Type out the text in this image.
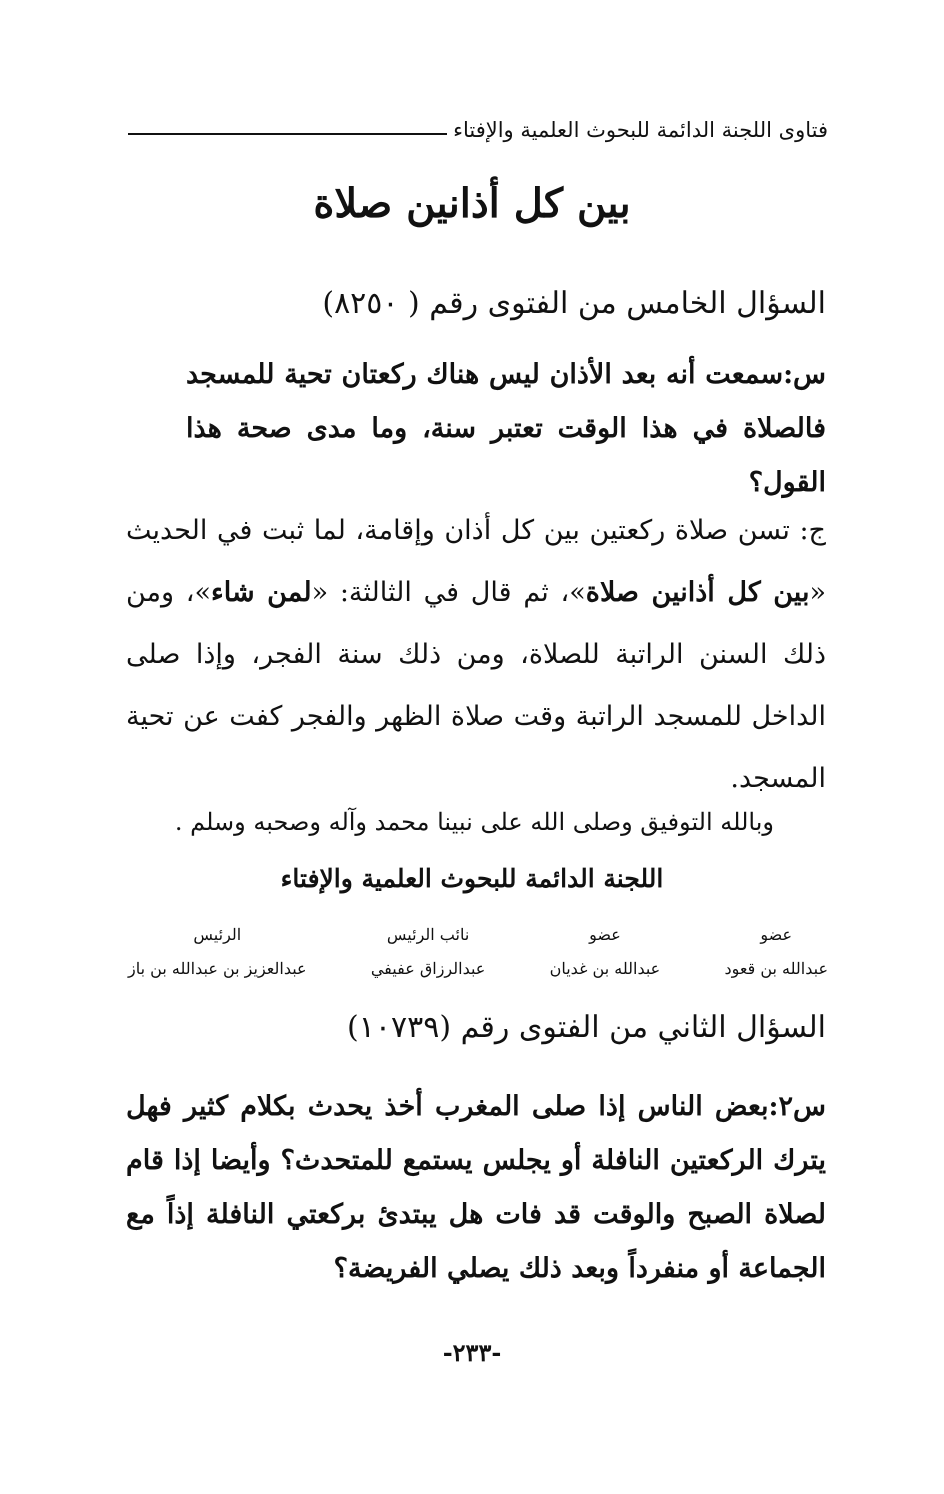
فتاوى اللجنة الدائمة للبحوث العلمية والإفتاء
بين كل أذانين صلاة
السؤال الخامس من الفتوى رقم ( ٨٢٥٠)
س:سمعت أنه بعد الأذان ليس هناك ركعتان تحية للمسجد فالصلاة في هذا الوقت تعتبر سنة، وما مدى صحة هذا القول؟
ج: تسن صلاة ركعتين بين كل أذان وإقامة، لما ثبت في الحديث «بين كل أذانين صلاة»، ثم قال في الثالثة: «لمن شاء»، ومن ذلك السنن الراتبة للصلاة، ومن ذلك سنة الفجر، وإذا صلى الداخل للمسجد الراتبة وقت صلاة الظهر والفجر كفت عن تحية المسجد.
وبالله التوفيق وصلى الله على نبينا محمد وآله وصحبه وسلم .
اللجنة الدائمة للبحوث العلمية والإفتاء
عضو
عبدالله بن قعود
عضو
عبدالله بن غديان
نائب الرئيس
عبدالرزاق عفيفي
الرئيس
عبدالعزيز بن عبدالله بن باز
السؤال الثاني من الفتوى رقم (١٠٧٣٩)
س٢:بعض الناس إذا صلى المغرب أخذ يحدث بكلام كثير فهل يترك الركعتين النافلة أو يجلس يستمع للمتحدث؟ وأيضا إذا قام لصلاة الصبح والوقت قد فات هل يبتدئ بركعتي النافلة إذاً مع الجماعة أو منفرداً وبعد ذلك يصلي الفريضة؟
-٢٣٣-
